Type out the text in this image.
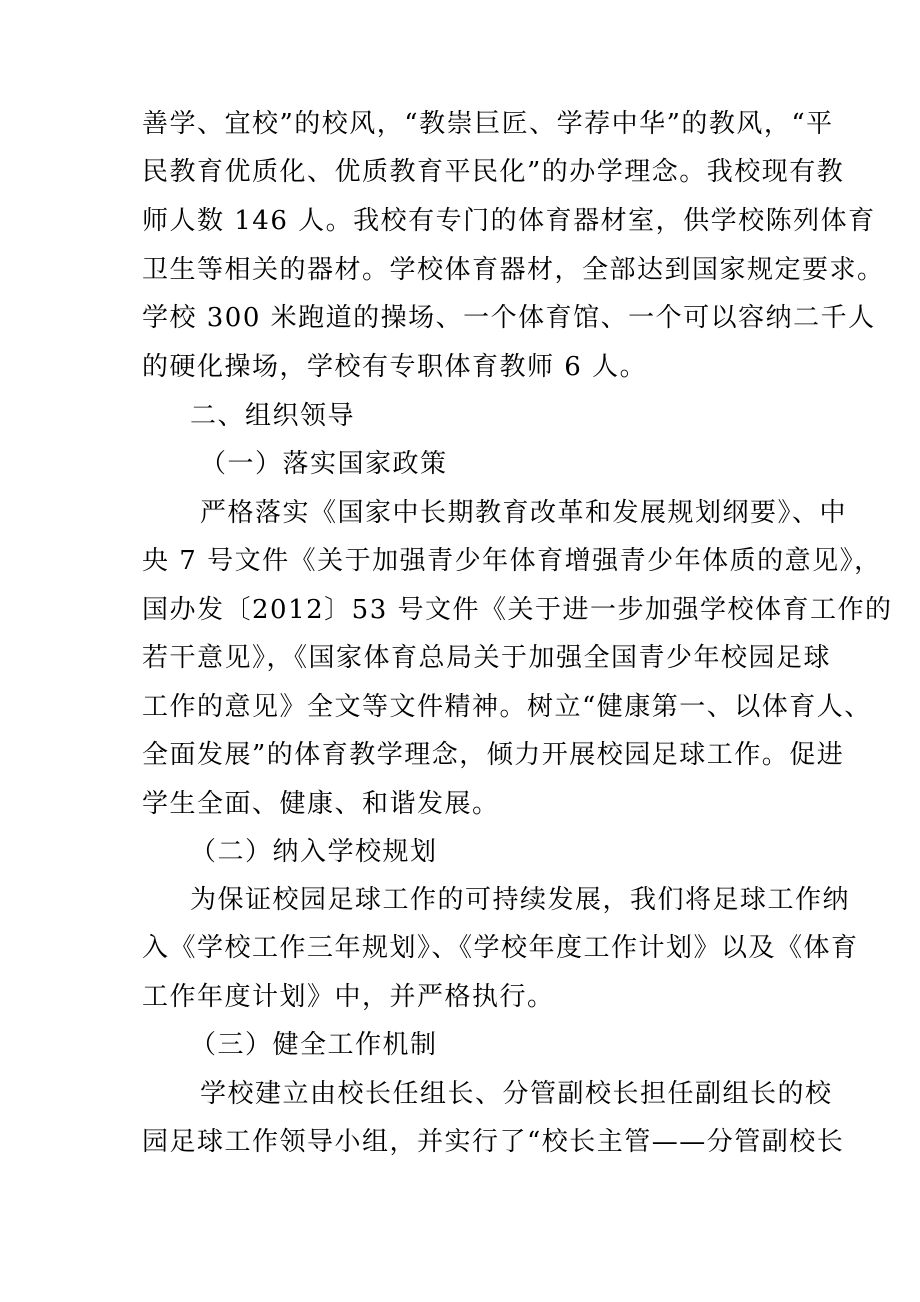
善学、宜校”的校风，“教崇巨匠、学荐中华”的教风，“平
民教育优质化、优质教育平民化”的办学理念。我校现有教
师人数 146 人。我校有专门的体育器材室，供学校陈列体育
卫生等相关的器材。学校体育器材，全部达到国家规定要求。
学校 300 米跑道的操场、一个体育馆、一个可以容纳二千人
的硬化操场，学校有专职体育教师 6 人。
二、组织领导
（一）落实国家政策
严格落实《国家中长期教育改革和发展规划纲要》、中
央 7 号文件《关于加强青少年体育增强青少年体质的意见》，
国办发〔2012〕53 号文件《关于进一步加强学校体育工作的
若干意见》，《国家体育总局关于加强全国青少年校园足球
工作的意见》全文等文件精神。树立“健康第一、以体育人、
全面发展”的体育教学理念，倾力开展校园足球工作。促进
学生全面、健康、和谐发展。
（二）纳入学校规划
为保证校园足球工作的可持续发展，我们将足球工作纳
入《学校工作三年规划》、《学校年度工作计划》以及《体育
工作年度计划》中，并严格执行。
（三）健全工作机制
学校建立由校长任组长、分管副校长担任副组长的校
园足球工作领导小组，并实行了“校长主管——分管副校长
